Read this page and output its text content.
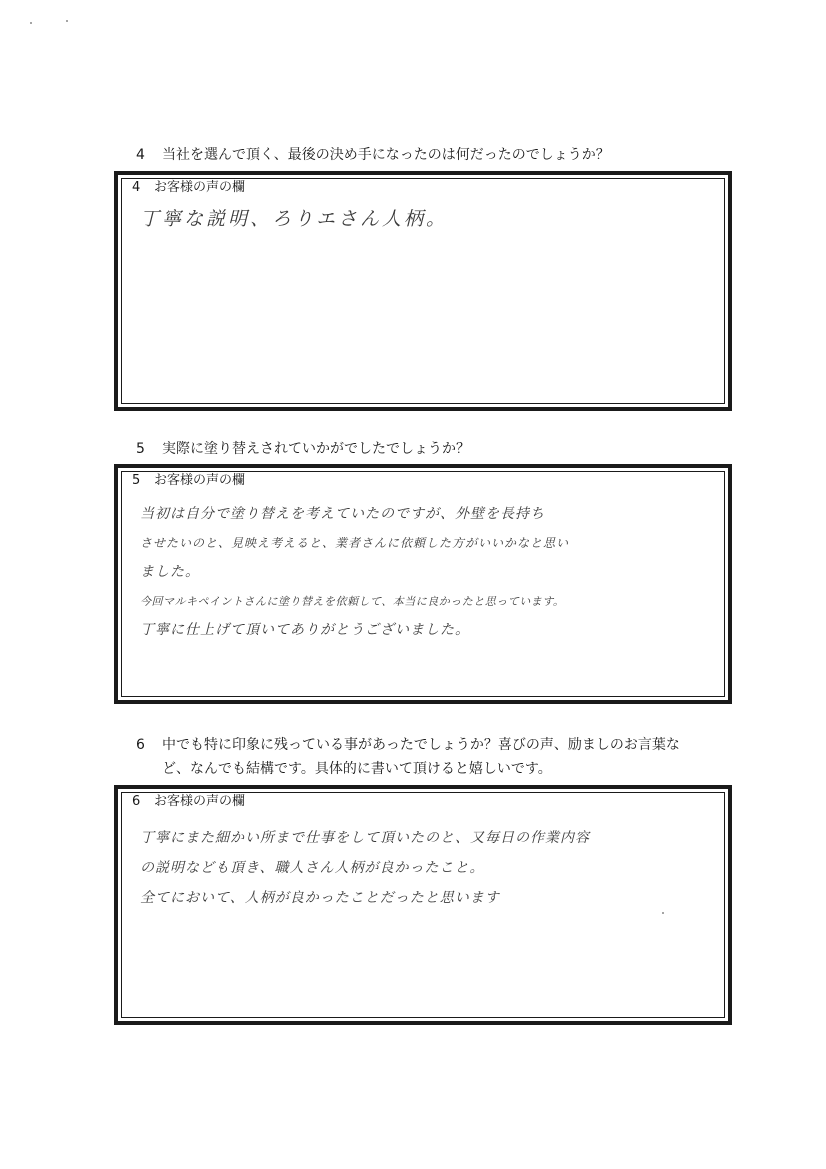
4 当社を選んで頂く、最後の決め手になったのは何だったのでしょうか？
4 お客様の声の欄
丁寧な説明、ろりエさん人柄。
5 実際に塗り替えされていかがでしたでしょうか？
5 お客様の声の欄
当初は自分で塗り替えを考えていたのですが、外壁を長持ち
させたいのと、見映え考えると、業者さんに依頼した方がいいかなと思い
ました。
今回マルキペイントさんに塗り替えを依頼して、本当に良かったと思っています。
丁寧に仕上げて頂いてありがとうございました。
6 中でも特に印象に残っている事があったでしょうか？喜びの声、励ましのお言葉な
ど、なんでも結構です。具体的に書いて頂けると嬉しいです。
6 お客様の声の欄
丁寧にまた細かい所まで仕事をして頂いたのと、又毎日の作業内容
の説明なども頂き、職人さん人柄が良かったこと。
全てにおいて、人柄が良かったことだったと思います
